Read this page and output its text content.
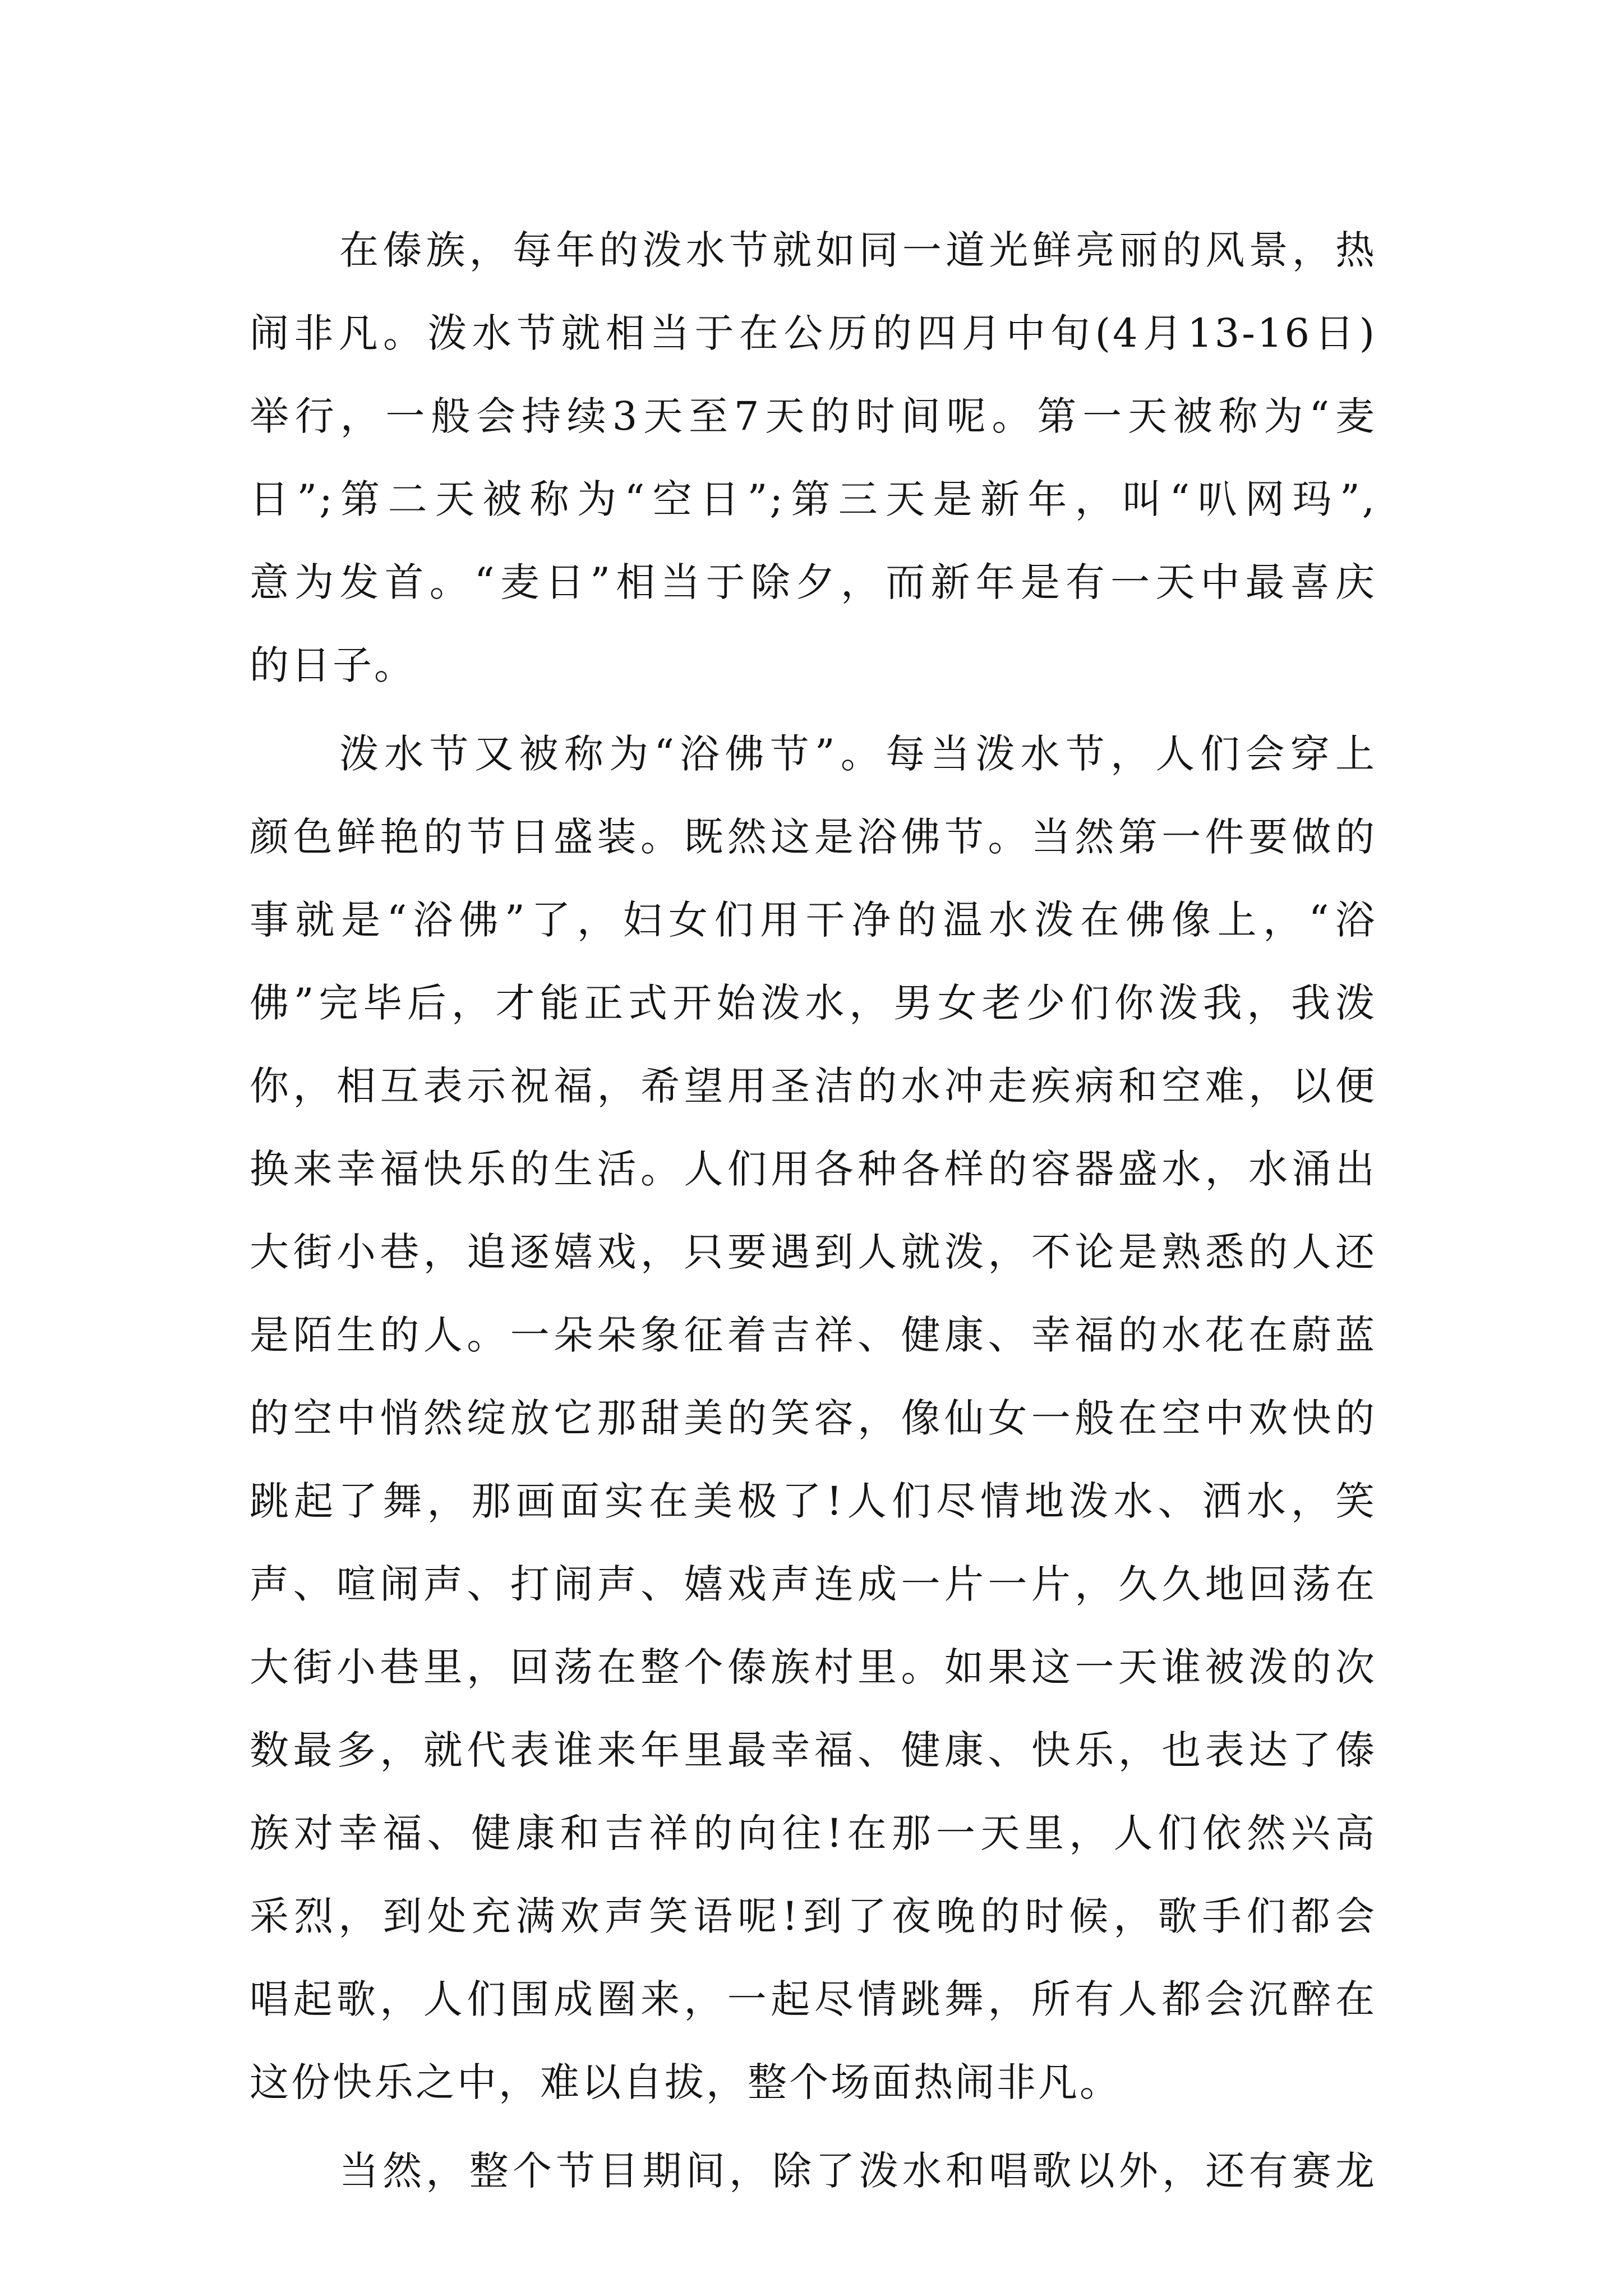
在傣族，每年的泼水节就如同一道光鲜亮丽的风景，热
闹非凡。泼水节就相当于在公历的四月中旬(4月13-16日)
举行，一般会持续3天至7天的时间呢。第一天被称为“麦
日”;第二天被称为“空日”;第三天是新年，叫“叭网玛”,
意为发首。“麦日”相当于除夕，而新年是有一天中最喜庆
的日子。
泼水节又被称为“浴佛节”。每当泼水节，人们会穿上
颜色鲜艳的节日盛装。既然这是浴佛节。当然第一件要做的
事就是“浴佛”了，妇女们用干净的温水泼在佛像上，“浴
佛”完毕后，才能正式开始泼水，男女老少们你泼我，我泼
你，相互表示祝福，希望用圣洁的水冲走疾病和空难，以便
换来幸福快乐的生活。人们用各种各样的容器盛水，水涌出
大街小巷，追逐嬉戏，只要遇到人就泼，不论是熟悉的人还
是陌生的人。一朵朵象征着吉祥、健康、幸福的水花在蔚蓝
的空中悄然绽放它那甜美的笑容，像仙女一般在空中欢快的
跳起了舞，那画面实在美极了!人们尽情地泼水、洒水，笑
声、喧闹声、打闹声、嬉戏声连成一片一片，久久地回荡在
大街小巷里，回荡在整个傣族村里。如果这一天谁被泼的次
数最多，就代表谁来年里最幸福、健康、快乐，也表达了傣
族对幸福、健康和吉祥的向往!在那一天里，人们依然兴高
采烈，到处充满欢声笑语呢!到了夜晚的时候，歌手们都会
唱起歌，人们围成圈来，一起尽情跳舞，所有人都会沉醉在
这份快乐之中，难以自拔，整个场面热闹非凡。
当然，整个节目期间，除了泼水和唱歌以外，还有赛龙
